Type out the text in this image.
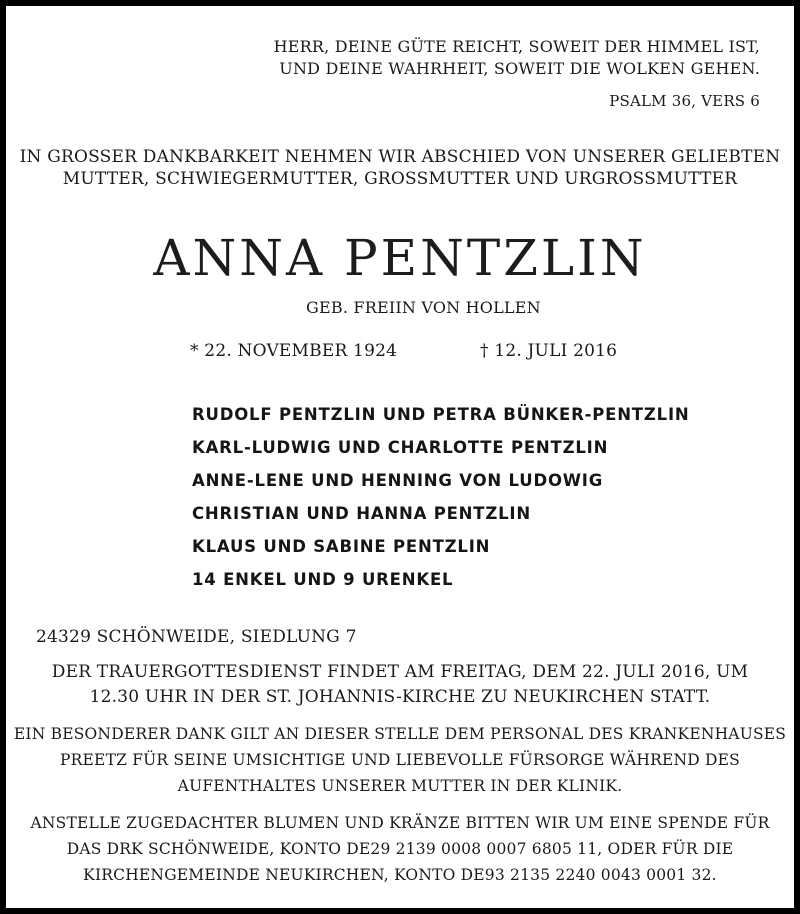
HERR, DEINE GÜTE REICHT, SOWEIT DER HIMMEL IST,
UND DEINE WAHRHEIT, SOWEIT DIE WOLKEN GEHEN.
PSALM 36, VERS 6
IN GROSSER DANKBARKEIT NEHMEN WIR ABSCHIED VON UNSERER GELIEBTEN
MUTTER, SCHWIEGERMUTTER, GROSSMUTTER UND URGROSSMUTTER
ANNA PENTZLIN
GEB. FREIIN VON HOLLEN
* 22. NOVEMBER 1924	† 12. JULI 2016
RUDOLF PENTZLIN UND PETRA BÜNKER-PENTZLIN
KARL-LUDWIG UND CHARLOTTE PENTZLIN
ANNE-LENE UND HENNING VON LUDOWIG
CHRISTIAN UND HANNA PENTZLIN
KLAUS UND SABINE PENTZLIN
14 ENKEL UND 9 URENKEL
24329 SCHÖNWEIDE, SIEDLUNG 7
DER TRAUERGOTTESDIENST FINDET AM FREITAG, DEM 22. JULI 2016, UM
12.30 UHR IN DER ST. JOHANNIS-KIRCHE ZU NEUKIRCHEN STATT.
EIN BESONDERER DANK GILT AN DIESER STELLE DEM PERSONAL DES KRANKENHAUSES
PREETZ FÜR SEINE UMSICHTIGE UND LIEBEVOLLE FÜRSORGE WÄHREND DES
AUFENTHALTES UNSERER MUTTER IN DER KLINIK.
ANSTELLE ZUGEDACHTER BLUMEN UND KRÄNZE BITTEN WIR UM EINE SPENDE FÜR
DAS DRK SCHÖNWEIDE, KONTO DE29 2139 0008 0007 6805 11, ODER FÜR DIE
KIRCHENGEMEINDE NEUKIRCHEN, KONTO DE93 2135 2240 0043 0001 32.
